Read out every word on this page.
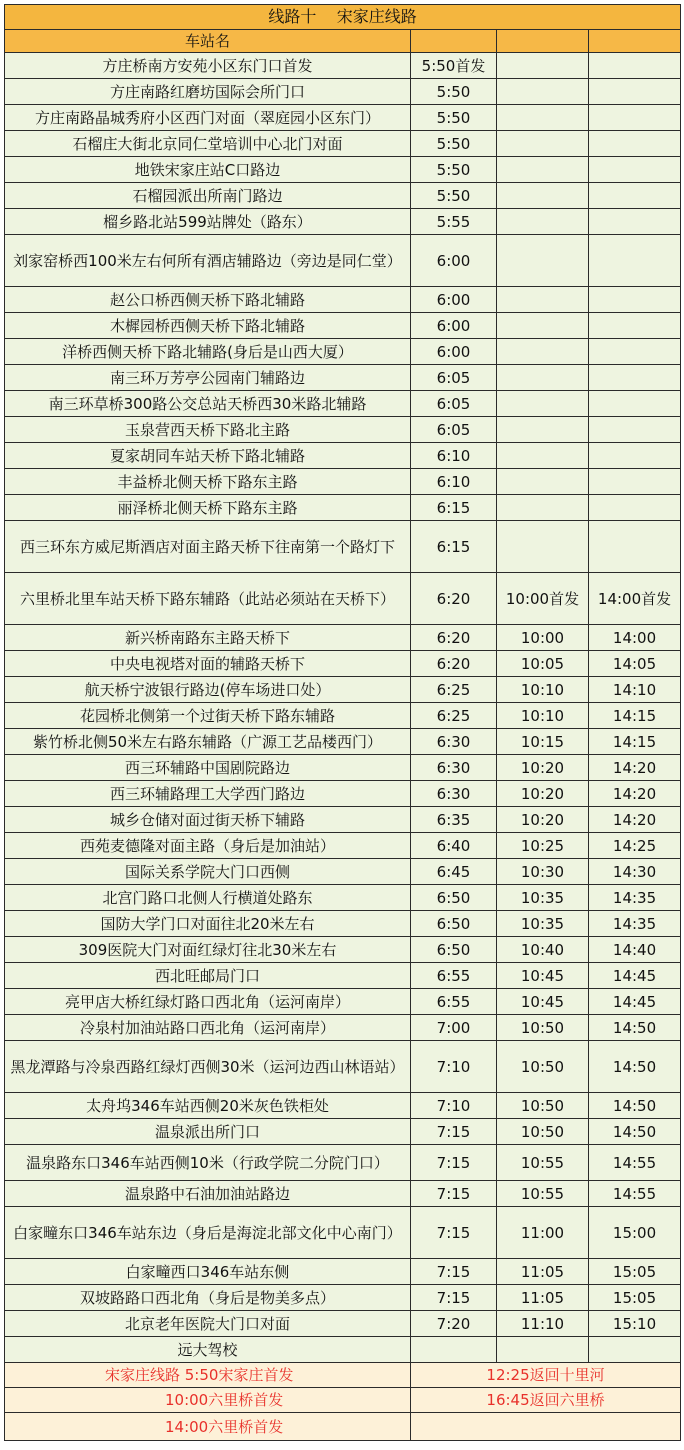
线路十    宋家庄线路			
车站名			
方庄桥南方安苑小区东门口首发	5:50首发		
方庄南路红磨坊国际会所门口	5:50		
方庄南路晶城秀府小区西门对面（翠庭园小区东门）	5:50		
石榴庄大街北京同仁堂培训中心北门对面	5:50		
地铁宋家庄站C口路边	5:50		
石榴园派出所南门路边	5:50		
榴乡路北站599站牌处（路东）	5:55		
刘家窑桥西100米左右何所有酒店辅路边（旁边是同仁堂）	6:00		
赵公口桥西侧天桥下路北辅路	6:00		
木樨园桥西侧天桥下路北辅路	6:00		
洋桥西侧天桥下路北辅路(身后是山西大厦）	6:00		
南三环万芳亭公园南门辅路边	6:05		
南三环草桥300路公交总站天桥西30米路北辅路	6:05		
玉泉营西天桥下路北主路	6:05		
夏家胡同车站天桥下路北辅路	6:10		
丰益桥北侧天桥下路东主路	6:10		
丽泽桥北侧天桥下路东主路	6:15		
西三环东方威尼斯酒店对面主路天桥下往南第一个路灯下	6:15		
六里桥北里车站天桥下路东辅路（此站必须站在天桥下）	6:20	10:00首发	14:00首发
新兴桥南路东主路天桥下	6:20	10:00	14:00
中央电视塔对面的辅路天桥下	6:20	10:05	14:05
航天桥宁波银行路边(停车场进口处）	6:25	10:10	14:10
花园桥北侧第一个过街天桥下路东辅路	6:25	10:10	14:15
紫竹桥北侧50米左右路东辅路（广源工艺品楼西门）	6:30	10:15	14:15
西三环辅路中国剧院路边	6:30	10:20	14:20
西三环辅路理工大学西门路边	6:30	10:20	14:20
城乡仓储对面过街天桥下辅路	6:35	10:20	14:20
西苑麦德隆对面主路（身后是加油站）	6:40	10:25	14:25
国际关系学院大门口西侧	6:45	10:30	14:30
北宫门路口北侧人行横道处路东	6:50	10:35	14:35
国防大学门口对面往北20米左右	6:50	10:35	14:35
309医院大门对面红绿灯往北30米左右	6:50	10:40	14:40
西北旺邮局门口	6:55	10:45	14:45
亮甲店大桥红绿灯路口西北角（运河南岸）	6:55	10:45	14:45
冷泉村加油站路口西北角（运河南岸）	7:00	10:50	14:50
黑龙潭路与冷泉西路红绿灯西侧30米（运河边西山林语站）	7:10	10:50	14:50
太舟坞346车站西侧20米灰色铁柜处	7:10	10:50	14:50
温泉派出所门口	7:15	10:50	14:50
温泉路东口346车站西侧10米（行政学院二分院门口）	7:15	10:55	14:55
温泉路中石油加油站路边	7:15	10:55	14:55
白家疃东口346车站东边（身后是海淀北部文化中心南门）	7:15	11:00	15:00
白家疃西口346车站东侧	7:15	11:05	15:05
双坡路路口西北角（身后是物美多点）	7:15	11:05	15:05
北京老年医院大门口对面	7:20	11:10	15:10
远大驾校			
宋家庄线路 5:50宋家庄首发	12:25返回十里河		
10:00六里桥首发	16:45返回六里桥		
14:00六里桥首发			
